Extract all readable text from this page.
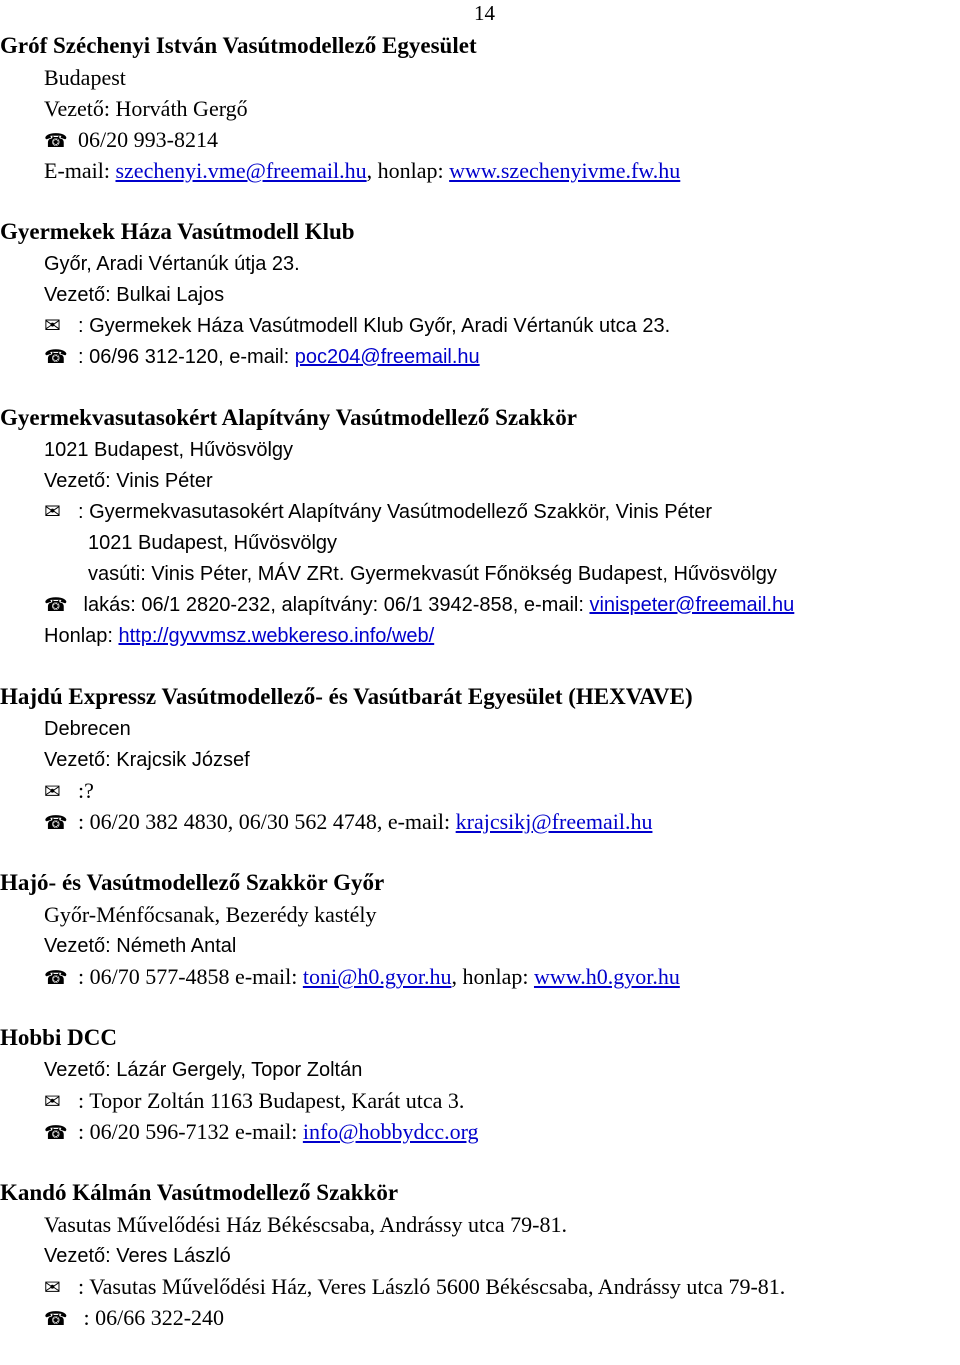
14
Gróf Széchenyi István Vasútmodellező Egyesület
Budapest
Vezető: Horváth Gergő
☎ 06/20 993-8214
E-mail: szechenyi.vme@freemail.hu, honlap: www.szechenyivme.fw.hu
Gyermekek Háza Vasútmodell Klub
Győr, Aradi Vértanúk útja 23.
Vezető: Bulkai Lajos
✉ : Gyermekek Háza Vasútmodell Klub Győr, Aradi Vértanúk utca 23.
☎ : 06/96 312-120, e-mail: poc204@freemail.hu
Gyermekvasutasokért Alapítvány Vasútmodellező Szakkör
1021 Budapest, Hűvösvölgy
Vezető: Vinis Péter
✉ : Gyermekvasutasokért Alapítvány Vasútmodellező Szakkör, Vinis Péter
1021 Budapest, Hűvösvölgy
vasúti: Vinis Péter, MÁV ZRt. Gyermekvasút Főnökség Budapest, Hűvösvölgy
☎ lakás: 06/1 2820-232, alapítvány: 06/1 3942-858, e-mail: vinispeter@freemail.hu
Honlap: http://gyvvmsz.webkereso.info/web/
Hajdú Expressz Vasútmodellező- és Vasútbarát Egyesület (HEXVAVE)
Debrecen
Vezető: Krajcsik József
✉ :?
☎ : 06/20 382 4830, 06/30 562 4748, e-mail: krajcsikj@freemail.hu
Hajó- és Vasútmodellező Szakkör Győr
Győr-Ménfőcsanak, Bezerédy kastély
Vezető: Németh Antal
☎ : 06/70 577-4858 e-mail: toni@h0.gyor.hu, honlap: www.h0.gyor.hu
Hobbi DCC
Vezető: Lázár Gergely, Topor Zoltán
✉ : Topor Zoltán 1163 Budapest, Karát utca 3.
☎ : 06/20 596-7132 e-mail: info@hobbydcc.org
Kandó Kálmán Vasútmodellező Szakkör
Vasutas Művelődési Ház Békéscsaba, Andrássy utca 79-81.
Vezető: Veres László
✉ : Vasutas Művelődési Ház, Veres László 5600 Békéscsaba, Andrássy utca 79-81.
☎ : 06/66 322-240
